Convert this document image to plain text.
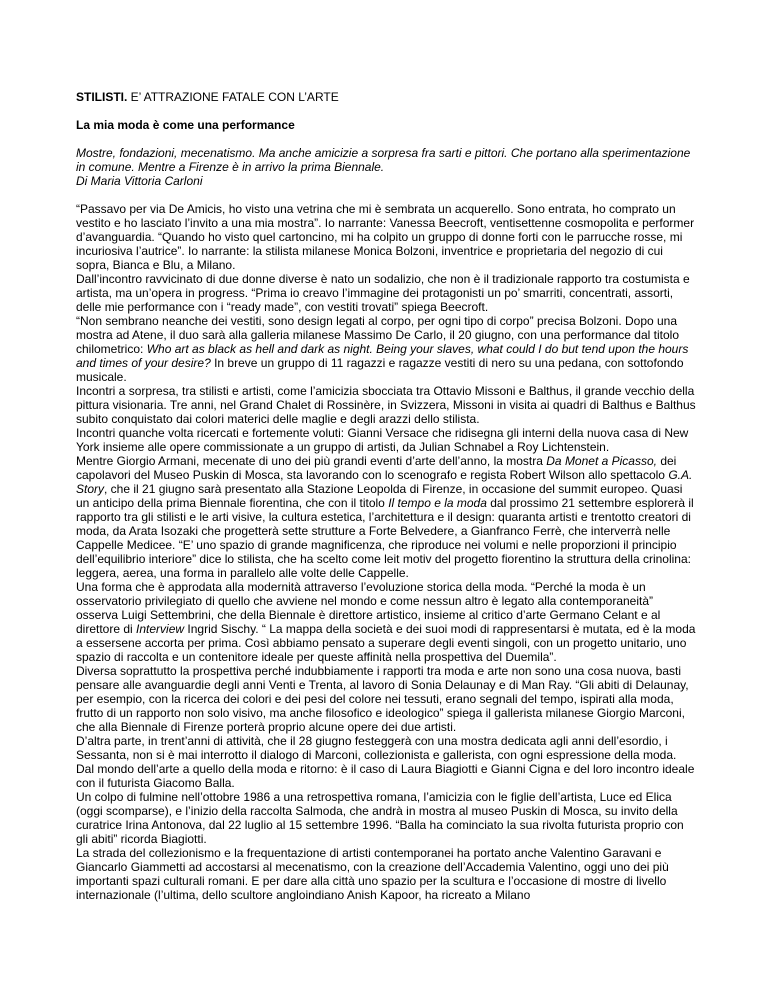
STILISTI. E’ ATTRAZIONE FATALE CON L’ARTE

La mia moda è come una performance

Mostre, fondazioni, mecenatismo. Ma anche amicizie a sorpresa fra sarti e pittori. Che portano alla sperimentazione in comune. Mentre a Firenze è in arrivo la prima Biennale.

Di Maria Vittoria Carloni

“Passavo per via De Amicis, ho visto una vetrina che mi è sembrata un acquerello. Sono entrata, ho comprato un vestito e ho lasciato l’invito a una mia mostra”. Io narrante: Vanessa Beecroft, ventisettenne cosmopolita e performer d’avanguardia. “Quando ho visto quel cartoncino, mi ha colpito un gruppo di donne forti con le parrucche rosse, mi incuriosiva l’autrice”. Io narrante: la stilista milanese Monica Bolzoni, inventrice e proprietaria del negozio di cui sopra, Bianca e Blu, a Milano.

Dall’incontro ravvicinato di due donne diverse è nato un sodalizio, che non è il tradizionale rapporto tra costumista e artista, ma un’opera in progress. “Prima io creavo l’immagine dei protagonisti un po’ smarriti, concentrati, assorti, delle mie performance con i “ready made”, con vestiti trovati” spiega Beecroft.

“Non sembrano neanche dei vestiti, sono design legati al corpo, per ogni tipo di corpo” precisa Bolzoni. Dopo una mostra ad Atene, il duo sarà alla galleria milanese Massimo De Carlo, il 20 giugno, con una performance dal titolo chilometrico: Who art as black as hell and dark as night. Being your slaves, what could I do but tend upon the hours and times of your desire? In breve un gruppo di 11 ragazzi e ragazze vestiti di nero su una pedana, con sottofondo musicale.

Incontri a sorpresa, tra stilisti e artisti, come l’amicizia sbocciata tra Ottavio Missoni e Balthus, il grande vecchio della pittura visionaria. Tre anni, nel Grand Chalet di Rossinère, in Svizzera, Missoni in visita ai quadri di Balthus e Balthus subito conquistato dai colori materici delle maglie e degli arazzi dello stilista.

Incontri quanche volta ricercati e fortemente voluti: Gianni Versace che ridisegna gli interni della nuova casa di New York insieme alle opere commissionate a un gruppo di artisti, da Julian Schnabel a Roy Lichtenstein.

Mentre Giorgio Armani, mecenate di uno dei più grandi eventi d’arte dell’anno, la mostra Da Monet a Picasso, dei capolavori del Museo Puskin di Mosca, sta lavorando con lo scenografo e regista Robert Wilson allo spettacolo G.A. Story, che il 21 giugno sarà presentato alla Stazione Leopolda di Firenze, in occasione del summit europeo. Quasi un anticipo della prima Biennale fiorentina, che con il titolo Il tempo e la moda dal prossimo 21 settembre esplorerà il rapporto tra gli stilisti e le arti visive, la cultura estetica, l’architettura e il design: quaranta artisti e trentotto creatori di moda, da Arata Isozaki che progetterà sette strutture a Forte Belvedere, a Gianfranco Ferrè, che interverrà nelle Cappelle Medicee. “E’ uno spazio di grande magnificenza, che riproduce nei volumi e nelle proporzioni il principio dell’equilibrio interiore” dice lo stilista, che ha scelto come leit motiv del progetto fiorentino la struttura della crinolina: leggera, aerea, una forma in parallelo alle volte delle Cappelle.

Una forma che è approdata alla modernità attraverso l’evoluzione storica della moda. “Perché la moda è un osservatorio privilegiato di quello che avviene nel mondo e come nessun altro è legato alla contemporaneità” osserva Luigi Settembrini, che della Biennale è direttore artistico, insieme al critico d’arte Germano Celant e al direttore di Interview Ingrid Sischy. “ La mappa della società e dei suoi modi di rappresentarsi è mutata, ed è la moda a essersene accorta per prima. Così abbiamo pensato a superare degli eventi singoli, con un progetto unitario, uno spazio di raccolta e un contenitore ideale per queste affinità nella prospettiva del Duemila”.

Diversa soprattutto la prospettiva perché indubbiamente i rapporti tra moda e arte non sono una cosa nuova, basti pensare alle avanguardie degli anni Venti e Trenta, al lavoro di Sonia Delaunay e di Man Ray. “Gli abiti di Delaunay, per esempio, con la ricerca dei colori e dei pesi del colore nei tessuti, erano segnali del tempo, ispirati alla moda, frutto di un rapporto non solo visivo, ma anche filosofico e ideologico” spiega il gallerista milanese Giorgio Marconi, che alla Biennale di Firenze porterà proprio alcune opere dei due artisti.

D’altra parte, in trent’anni di attività, che il 28 giugno festeggerà con una mostra dedicata agli anni dell’esordio, i Sessanta, non si è mai interrotto il dialogo di Marconi, collezionista e gallerista, con ogni espressione della moda.

Dal mondo dell’arte a quello della moda e ritorno: è il caso di Laura Biagiotti e Gianni Cigna e del loro incontro ideale con il futurista Giacomo Balla.

Un colpo di fulmine nell’ottobre 1986 a una retrospettiva romana, l’amicizia con le figlie dell’artista, Luce ed Elica (oggi scomparse), e l’inizio della raccolta Salmoda, che andrà in mostra al museo Puskin di Mosca, su invito della curatrice Irina Antonova, dal 22 luglio al 15 settembre 1996. “Balla ha cominciato la sua rivolta futurista proprio con gli abiti” ricorda Biagiotti.

La strada del collezionismo e la frequentazione di artisti contemporanei ha portato anche Valentino Garavani e Giancarlo Giammetti ad accostarsi al mecenatismo, con la creazione dell’Accademia Valentino, oggi uno dei più importanti spazi culturali romani. E per dare alla città uno spazio per la scultura e l’occasione di mostre di livello internazionale (l’ultima, dello scultore angloindiano Anish Kapoor, ha ricreato a Milano
